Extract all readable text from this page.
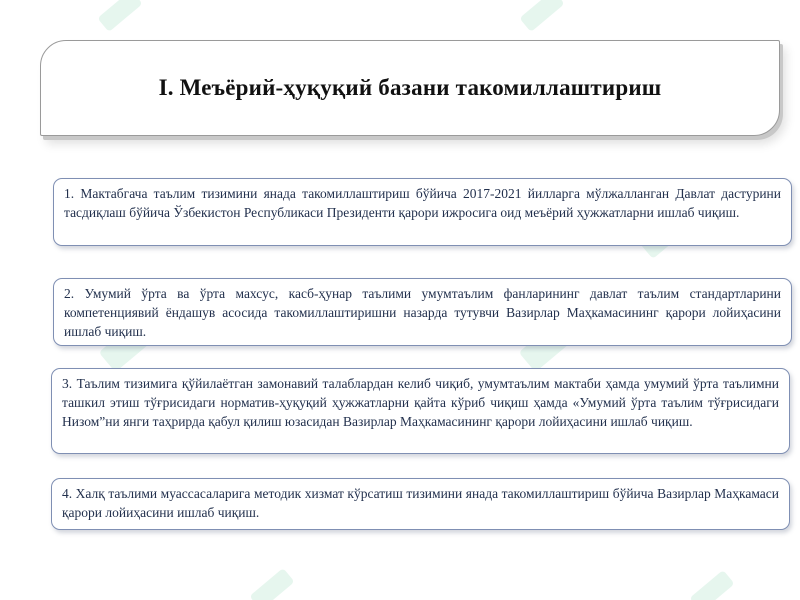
I. Меъёрий-ҳуқуқий базани такомиллаштириш

1. Мактабгача таълим тизимини янада такомиллаштириш бўйича 2017-2021 йилларга мўлжалланган Давлат дастурини тасдиқлаш бўйича Ўзбекистон Республикаси Президенти қарори ижросига оид меъёрий ҳужжатларни ишлаб чиқиш.

2. Умумий ўрта ва ўрта махсус, касб-ҳунар таълими умумтаълим фанларининг давлат таълим стандартларини компетенциявий ёндашув асосида такомиллаштиришни назарда тутувчи Вазирлар Маҳкамасининг қарори лойиҳасини ишлаб чиқиш.

3. Таълим тизимига қўйилаётган замонавий талаблардан келиб чиқиб, умумтаълим мактаби ҳамда умумий ўрта таълимни ташкил этиш тўғрисидаги норматив-ҳуқуқий ҳужжатларни қайта кўриб чиқиш ҳамда «Умумий ўрта таълим тўғрисидаги Низом”ни янги таҳрирда қабул қилиш юзасидан Вазирлар Маҳкамасининг қарори лойиҳасини ишлаб чиқиш.

4. Халқ таълими муассасаларига методик хизмат кўрсатиш тизимини янада такомиллаштириш бўйича Вазирлар Маҳкамаси қарори лойиҳасини ишлаб чиқиш.
